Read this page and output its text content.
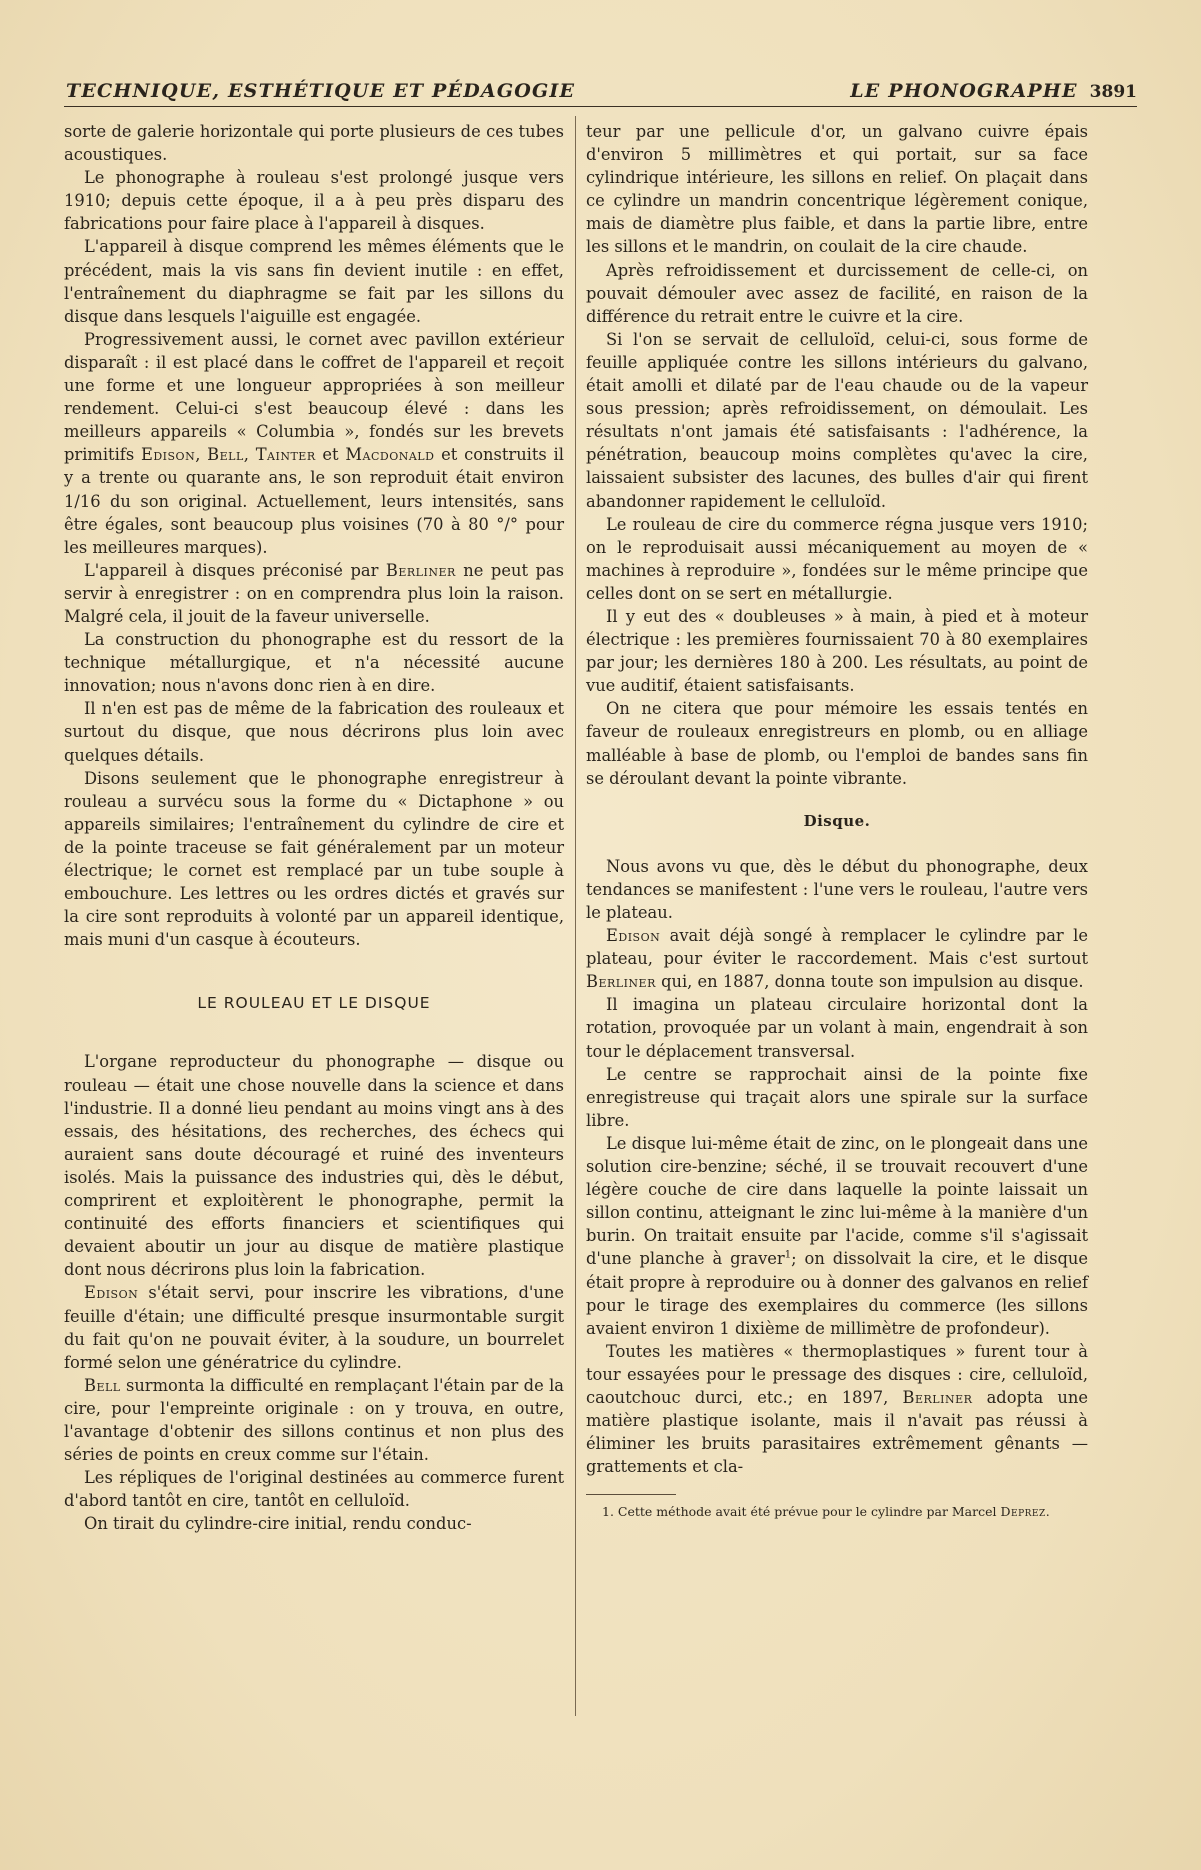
TECHNIQUE, ESTHÉTIQUE ET PÉDAGOGIE	LE PHONOGRAPHE 3891

sorte de galerie horizontale qui porte plusieurs de ces tubes acoustiques.

Le phonographe à rouleau s'est prolongé jusque vers 1910; depuis cette époque, il a à peu près disparu des fabrications pour faire place à l'appareil à disques.

L'appareil à disque comprend les mêmes éléments que le précédent, mais la vis sans fin devient inutile : en effet, l'entraînement du diaphragme se fait par les sillons du disque dans lesquels l'aiguille est engagée.

Progressivement aussi, le cornet avec pavillon extérieur disparaît : il est placé dans le coffret de l'appareil et reçoit une forme et une longueur appropriées à son meilleur rendement. Celui-ci s'est beaucoup élevé : dans les meilleurs appareils « Columbia », fondés sur les brevets primitifs Edison, Bell, Tainter et Macdonald et construits il y a trente ou quarante ans, le son reproduit était environ 1/16 du son original. Actuellement, leurs intensités, sans être égales, sont beaucoup plus voisines (70 à 80 °/° pour les meilleures marques).

L'appareil à disques préconisé par Berliner ne peut pas servir à enregistrer : on en comprendra plus loin la raison. Malgré cela, il jouit de la faveur universelle.

La construction du phonographe est du ressort de la technique métallurgique, et n'a nécessité aucune innovation; nous n'avons donc rien à en dire.

Il n'en est pas de même de la fabrication des rouleaux et surtout du disque, que nous décrirons plus loin avec quelques détails.

Disons seulement que le phonographe enregistreur à rouleau a survécu sous la forme du « Dictaphone » ou appareils similaires; l'entraînement du cylindre de cire et de la pointe traceuse se fait généralement par un moteur électrique; le cornet est remplacé par un tube souple à embouchure. Les lettres ou les ordres dictés et gravés sur la cire sont reproduits à volonté par un appareil identique, mais muni d'un casque à écouteurs.

LE ROULEAU ET LE DISQUE

L'organe reproducteur du phonographe — disque ou rouleau — était une chose nouvelle dans la science et dans l'industrie. Il a donné lieu pendant au moins vingt ans à des essais, des hésitations, des recherches, des échecs qui auraient sans doute découragé et ruiné des inventeurs isolés. Mais la puissance des industries qui, dès le début, comprirent et exploitèrent le phonographe, permit la continuité des efforts financiers et scientifiques qui devaient aboutir un jour au disque de matière plastique dont nous décrirons plus loin la fabrication.

Edison s'était servi, pour inscrire les vibrations, d'une feuille d'étain; une difficulté presque insurmontable surgit du fait qu'on ne pouvait éviter, à la soudure, un bourrelet formé selon une génératrice du cylindre.

Bell surmonta la difficulté en remplaçant l'étain par de la cire, pour l'empreinte originale : on y trouva, en outre, l'avantage d'obtenir des sillons continus et non plus des séries de points en creux comme sur l'étain.

Les répliques de l'original destinées au commerce furent d'abord tantôt en cire, tantôt en celluloïd.

On tirait du cylindre-cire initial, rendu conduc-

teur par une pellicule d'or, un galvano cuivre épais d'environ 5 millimètres et qui portait, sur sa face cylindrique intérieure, les sillons en relief. On plaçait dans ce cylindre un mandrin concentrique légèrement conique, mais de diamètre plus faible, et dans la partie libre, entre les sillons et le mandrin, on coulait de la cire chaude.

Après refroidissement et durcissement de celle-ci, on pouvait démouler avec assez de facilité, en raison de la différence du retrait entre le cuivre et la cire.

Si l'on se servait de celluloïd, celui-ci, sous forme de feuille appliquée contre les sillons intérieurs du galvano, était amolli et dilaté par de l'eau chaude ou de la vapeur sous pression; après refroidissement, on démoulait. Les résultats n'ont jamais été satisfaisants : l'adhérence, la pénétration, beaucoup moins complètes qu'avec la cire, laissaient subsister des lacunes, des bulles d'air qui firent abandonner rapidement le celluloïd.

Le rouleau de cire du commerce régna jusque vers 1910; on le reproduisait aussi mécaniquement au moyen de « machines à reproduire », fondées sur le même principe que celles dont on se sert en métallurgie.

Il y eut des « doubleuses » à main, à pied et à moteur électrique : les premières fournissaient 70 à 80 exemplaires par jour; les dernières 180 à 200. Les résultats, au point de vue auditif, étaient satisfaisants.

On ne citera que pour mémoire les essais tentés en faveur de rouleaux enregistreurs en plomb, ou en alliage malléable à base de plomb, ou l'emploi de bandes sans fin se déroulant devant la pointe vibrante.

Disque.

Nous avons vu que, dès le début du phonographe, deux tendances se manifestent : l'une vers le rouleau, l'autre vers le plateau.

Edison avait déjà songé à remplacer le cylindre par le plateau, pour éviter le raccordement. Mais c'est surtout Berliner qui, en 1887, donna toute son impulsion au disque.

Il imagina un plateau circulaire horizontal dont la rotation, provoquée par un volant à main, engendrait à son tour le déplacement transversal.

Le centre se rapprochait ainsi de la pointe fixe enregistreuse qui traçait alors une spirale sur la surface libre.

Le disque lui-même était de zinc, on le plongeait dans une solution cire-benzine; séché, il se trouvait recouvert d'une légère couche de cire dans laquelle la pointe laissait un sillon continu, atteignant le zinc lui-même à la manière d'un burin. On traitait ensuite par l'acide, comme s'il s'agissait d'une planche à graver$^1$; on dissolvait la cire, et le disque était propre à reproduire ou à donner des galvanos en relief pour le tirage des exemplaires du commerce (les sillons avaient environ 1 dixième de millimètre de profondeur).

Toutes les matières « thermoplastiques » furent tour à tour essayées pour le pressage des disques : cire, celluloïd, caoutchouc durci, etc.; en 1897, Berliner adopta une matière plastique isolante, mais il n'avait pas réussi à éliminer les bruits parasitaires extrêmement gênants — grattements et cla-

1. Cette méthode avait été prévue pour le cylindre par Marcel Deprez.
